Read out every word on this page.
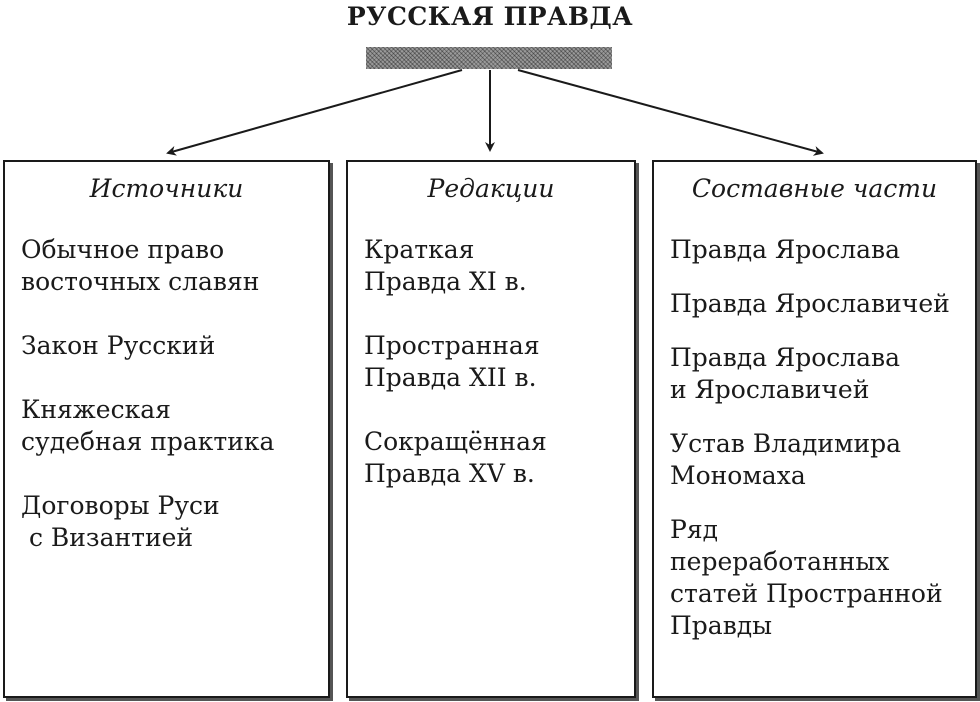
РУССКАЯ ПРАВДА
Источники
Обычное право
восточных славян
Закон Русский
Княжеская
судебная практика
Договоры Руси
с Византией
Редакции
Краткая
Правда XI в.
Пространная
Правда XII в.
Сокращённая
Правда XV в.
Составные части
Правда Ярослава
Правда Ярославичей
Правда Ярослава
и Ярославичей
Устав Владимира
Мономаха
Ряд
переработанных
статей Пространной
Правды
